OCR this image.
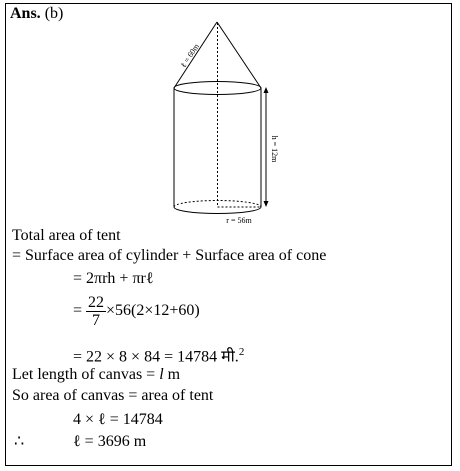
Ans. (b)
ℓ = 60m
h = 12m
r = 56m
Total area of tent
= Surface area of cylinder + Surface area of cone
= 2πrh + πrℓ
= $\frac{22}{7} \times 56(2\times 12+60)$
= 22 × 8 × 84 = 14784 मी.$^2$
Let length of canvas = l m
So area of canvas = area of tent
4 × ℓ = 14784
∴	ℓ = 3696 m
